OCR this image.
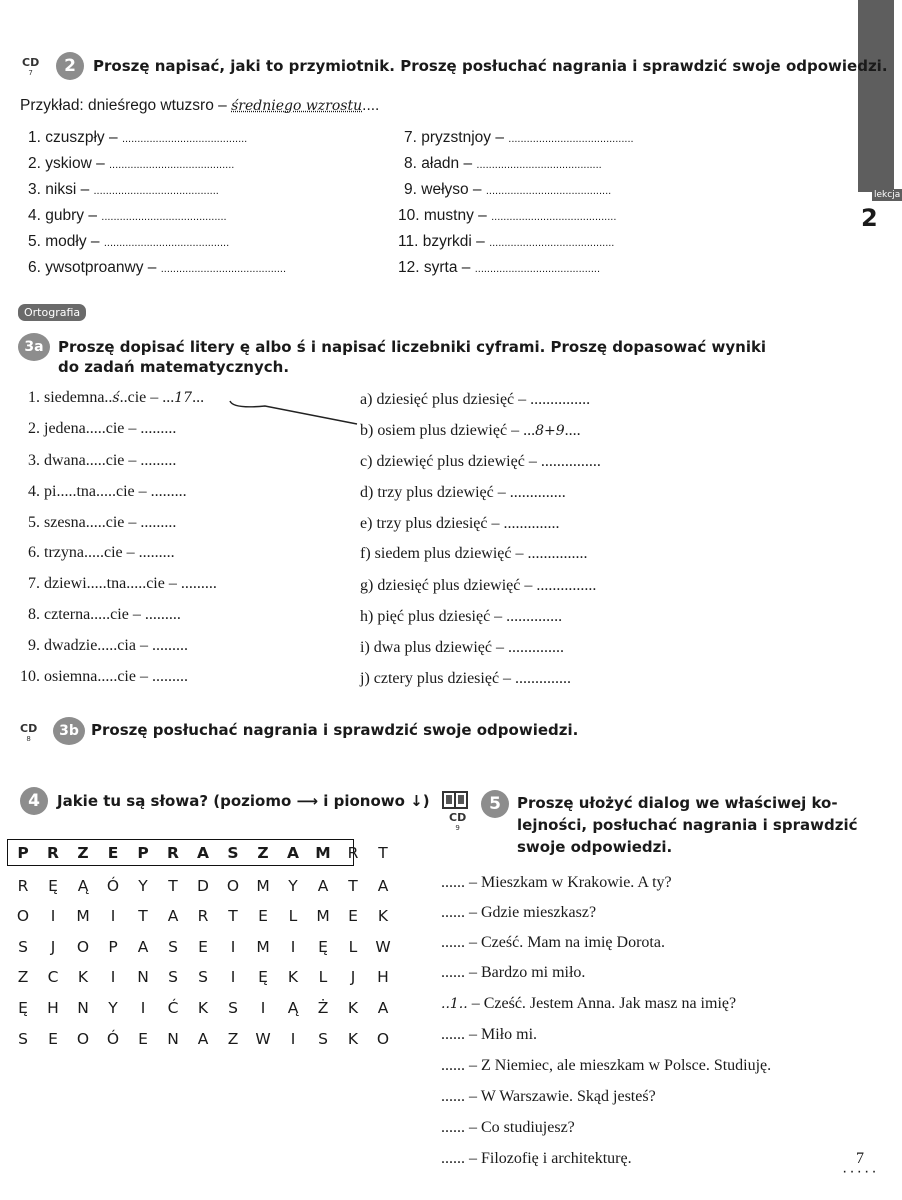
lekcja
2
CD
7	2	Proszę napisać, jaki to przymiotnik. Proszę posłuchać nagrania i sprawdzić swoje odpowiedzi.
Przykład: dnieśrego wtuzsro – średniego wzrostu....
1. czuszpły – .........................................
2. yskiow – .........................................
3. niksi – .........................................
4. gubry – .........................................
5. modły – .........................................
6. ywsotproanwy – .........................................
7. pryzstnjoy – .........................................
8. aładn – .........................................
9. wełyso – .........................................
10. mustny – .........................................
11. bzyrkdi – .........................................
12. syrta – .........................................
Ortografia
3a Proszę dopisać litery ę albo ś i napisać liczebniki cyframi. Proszę dopasować wyniki
do zadań matematycznych.
1. siedemna..ś..cie – ...17...
2. jedena.....cie – .........
3. dwana.....cie – .........
4. pi.....tna.....cie – .........
5. szesna.....cie – .........
6. trzyna.....cie – .........
7. dziewi.....tna.....cie – .........
8. czterna.....cie – .........
9. dwadzie.....cia – .........
10. osiemna.....cie – .........
a) dziesięć plus dziesięć – ...............
b) osiem plus dziewięć – ...8+9....
c) dziewięć plus dziewięć – ...............
d) trzy plus dziewięć – ..............
e) trzy plus dziesięć – ..............
f) siedem plus dziewięć – ...............
g) dziesięć plus dziewięć – ...............
h) pięć plus dziesięć – ..............
i) dwa plus dziewięć – ..............
j) cztery plus dziesięć – ..............
CD
8	3b Proszę posłuchać nagrania i sprawdzić swoje odpowiedzi.
4	Jakie tu są słowa? (poziomo ⟶ i pionowo ↓)
P	R	Z	E	P	R	A	S	Z	A	M	R	T
R	Ę	Ą	Ó	Y	T	D	O	M	Y	A	T	A
O	I	M	I	T	A	R	T	E	L	M	E	K
S	J	O	P	A	S	E	I	M	I	Ę	L	W
Z	C	K	I	N	S	S	I	Ę	K	L	J	H
Ę	H	N	Y	I	Ć	K	S	I	Ą	Ż	K	A
S	E	O	Ó	E	N	A	Z	W	I	S	K	O
CD
9
5	Proszę ułożyć dialog we właściwej ko-
lejności, posłuchać nagrania i sprawdzić
swoje odpowiedzi.
...... – Mieszkam w Krakowie. A ty?
...... – Gdzie mieszkasz?
...... – Cześć. Mam na imię Dorota.
...... – Bardzo mi miło.
..1.. – Cześć. Jestem Anna. Jak masz na imię?
...... – Miło mi.
...... – Z Niemiec, ale mieszkam w Polsce. Studiuję.
...... – W Warszawie. Skąd jesteś?
...... – Co studiujesz?
...... – Filozofię i architekturę.	7
·····
